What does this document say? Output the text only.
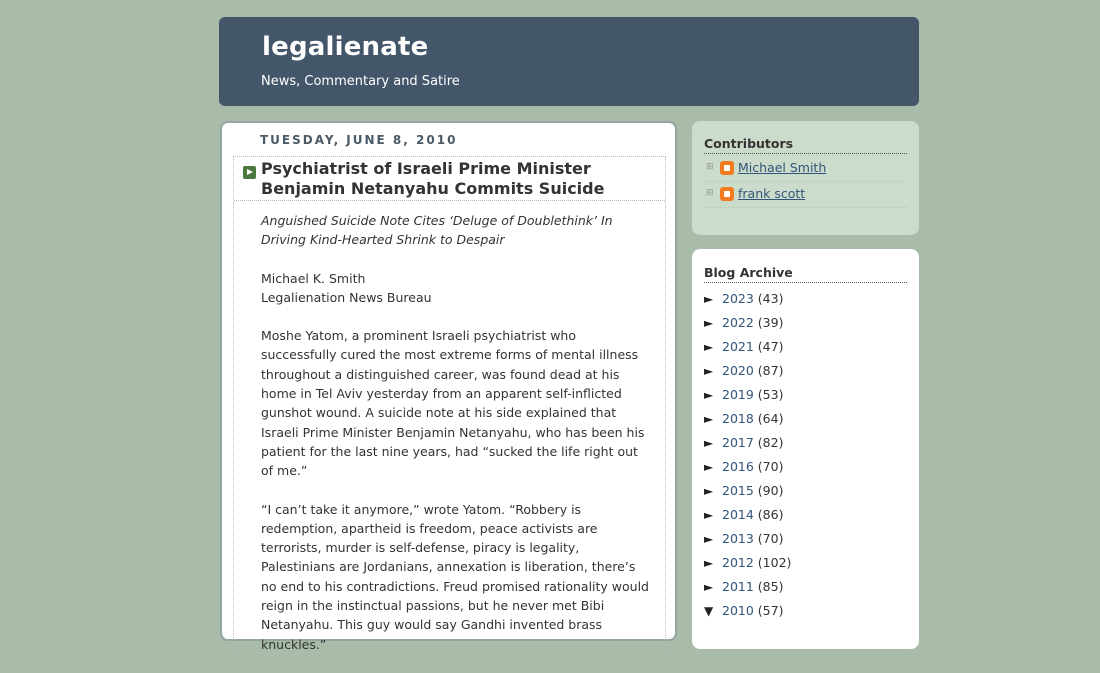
legalienate

News, Commentary and Satire

TUESDAY, JUNE 8, 2010
Psychiatrist of Israeli Prime Minister Benjamin Netanyahu Commits Suicide

Anguished Suicide Note Cites ‘Deluge of Doublethink’ In Driving Kind-Hearted Shrink to Despair

Michael K. Smith
Legalienation News Bureau

Moshe Yatom, a prominent Israeli psychiatrist who successfully cured the most extreme forms of mental illness throughout a distinguished career, was found dead at his home in Tel Aviv yesterday from an apparent self-inflicted gunshot wound. A suicide note at his side explained that Israeli Prime Minister Benjamin Netanyahu, who has been his patient for the last nine years, had “sucked the life right out of me.”

“I can’t take it anymore,” wrote Yatom. “Robbery is redemption, apartheid is freedom, peace activists are terrorists, murder is self-defense, piracy is legality, Palestinians are Jordanians, annexation is liberation, there’s no end to his contradictions. Freud promised rationality would reign in the instinctual passions, but he never met Bibi Netanyahu. This guy would say Gandhi invented brass knuckles.”

Contributors
⊞ Michael Smith
⊞ frank scott
Blog Archive
► 2023 (43)
► 2022 (39)
► 2021 (47)
► 2020 (87)
► 2019 (53)
► 2018 (64)
► 2017 (82)
► 2016 (70)
► 2015 (90)
► 2014 (86)
► 2013 (70)
► 2012 (102)
► 2011 (85)
▼ 2010 (57)
